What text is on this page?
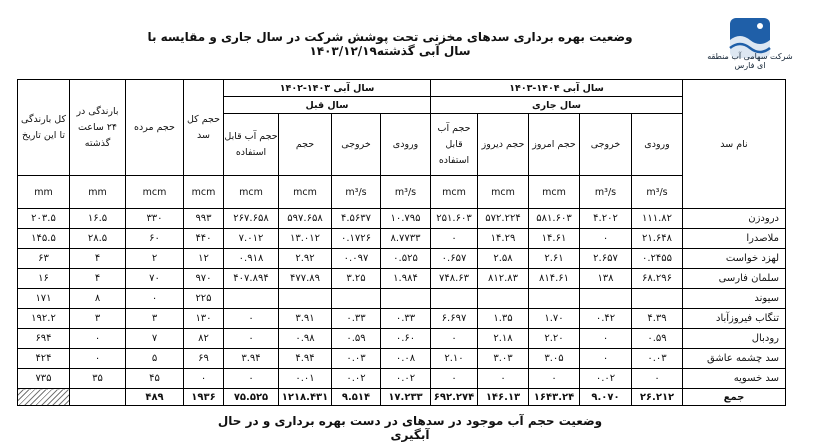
وضعیت بهره برداری سدهای مخزنی تحت پوشش شرکت در سال جاری و مقایسه با سال آبی گذشته۱۴۰۳/۱۲/۱۹	شرکت سهامی آب منطقه ای فارس
نام سد	سال آبی ۱۴۰۴-۱۴۰۳					سال آبی ۱۴۰۳-۱۴۰۲				حجم کل سد	حجم مرده	بارندگی در ۲۴ ساعت گذشته	کل بارندگی تا این تاریخ
	سال جاری					سال قبل							
	ورودی	خروجی	حجم امروز	حجم دیروز	حجم آب قابل استفاده	ورودی	خروجی	حجم	حجم آب قابل استفاده				
	m³/s	m³/s	mcm	mcm	mcm	m³/s	m³/s	mcm	mcm	mcm	mcm	mm	mm
درودزن	۱۱۱.۸۲	۴.۲۰۲	۵۸۱.۶۰۳	۵۷۲.۲۲۴	۲۵۱.۶۰۳	۱۰.۷۹۵	۴.۵۶۳۷	۵۹۷.۶۵۸	۲۶۷.۶۵۸	۹۹۳	۳۳۰	۱۶.۵	۲۰۳.۵
ملاصدرا	۲۱.۶۴۸	۰	۱۴.۶۱	۱۴.۲۹	۰	۸.۷۷۳۳	۰.۱۷۲۶	۱۳.۰۱۲	۷.۰۱۲	۴۴۰	۶۰	۲۸.۵	۱۴۵.۵
لهزد خواست	۰.۲۴۵۵	۲.۶۵۷	۲.۶۱	۲.۵۸	۰.۶۵۷	۰.۵۲۵	۰.۰۹۷	۲.۹۲	۰.۹۱۸	۱۲	۲	۴	۶۳
سلمان فارسی	۶۸.۲۹۶	۱۳۸	۸۱۴.۶۱	۸۱۲.۸۳	۷۴۸.۶۳	۱.۹۸۴	۳.۲۵	۴۷۷.۸۹	۴۰۷.۸۹۴	۹۷۰	۷۰	۴	۱۶
سیوند										۲۲۵	۰	۸	۱۷۱
تنگاب فیروزآباد	۴.۳۹	۰.۴۲	۱.۷۰	۱.۳۵	۶.۶۹۷	۰.۳۳	۰.۳۳	۳.۹۱	۰	۱۳۰	۳	۳	۱۹۲.۲
رودبال	۰.۵۹	۰	۲.۲۰	۲.۱۸	۰	۰.۶۰	۰.۵۹	۰.۹۸	۰	۸۲	۷	۰	۶۹۴
سد چشمه عاشق	۰.۰۳	۰	۳.۰۵	۳.۰۳	۲.۱۰	۰.۰۸	۰.۰۳	۴.۹۴	۳.۹۴	۶۹	۵	۰	۴۲۴
سد خسویه	۰	۰.۰۲	۰	۰	۰	۰.۰۲	۰.۰۲	۰.۰۱	۰	۰	۴۵	۳۵	۷۳۵
جمع	۲۶.۲۱۲	۹.۰۷۰	۱۶۴۳.۲۴	۱۴۶.۱۳	۶۹۲.۲۷۴	۱۷.۲۳۳	۹.۵۱۴	۱۲۱۸.۴۳۱	۷۵.۵۲۵	۱۹۳۶	۴۸۹		
وضعیت حجم آب موجود در سدهای در دست بهره برداری و در حال آبگیری
